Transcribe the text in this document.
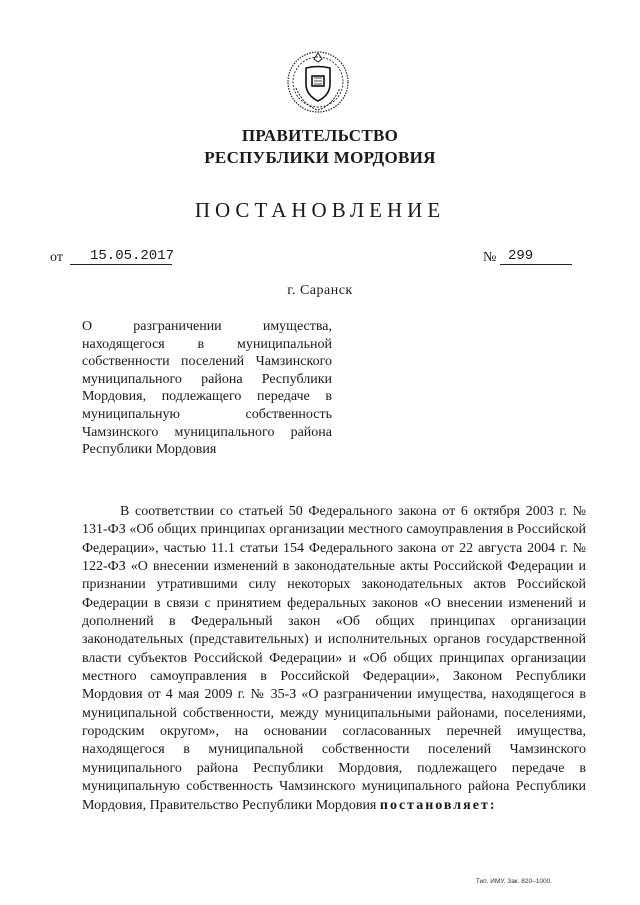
ПРАВИТЕЛЬСТВО
РЕСПУБЛИКИ МОРДОВИЯ
ПОСТАНОВЛЕНИЕ
от 15.05.2017	№ 299
г. Саранск
О разграничении имущества, находящегося в муниципальной собственности поселений Чамзинского муниципального района Республики Мордовия, подлежащего передаче в муниципальную собственность Чамзинского муниципального района Республики Мордовия
В соответствии со статьей 50 Федерального закона от 6 октября 2003 г. № 131-ФЗ «Об общих принципах организации местного самоуправления в Российской Федерации», частью 11.1 статьи 154 Федерального закона от 22 августа 2004 г. № 122-ФЗ «О внесении изменений в законодательные акты Российской Федерации и признании утратившими силу некоторых законодательных актов Российской Федерации в связи с принятием федеральных законов «О внесении изменений и дополнений в Федеральный закон «Об общих принципах организации законодательных (представительных) и исполнительных органов государственной власти субъектов Российской Федерации» и «Об общих принципах организации местного самоуправления в Российской Федерации», Законом Республики Мордовия от 4 мая 2009 г. № 35-З «О разграничении имущества, находящегося в муниципальной собственности, между муниципальными районами, поселениями, городским округом», на основании согласованных перечней имущества, находящегося в муниципальной собственности поселений Чамзинского муниципального района Республики Мордовия, подлежащего передаче в муниципальную собственность Чамзинского муниципального района Республики Мордовия, Правительство Республики Мордовия постановляет:
Тип. ИМУ. Зак. 820–1000.
